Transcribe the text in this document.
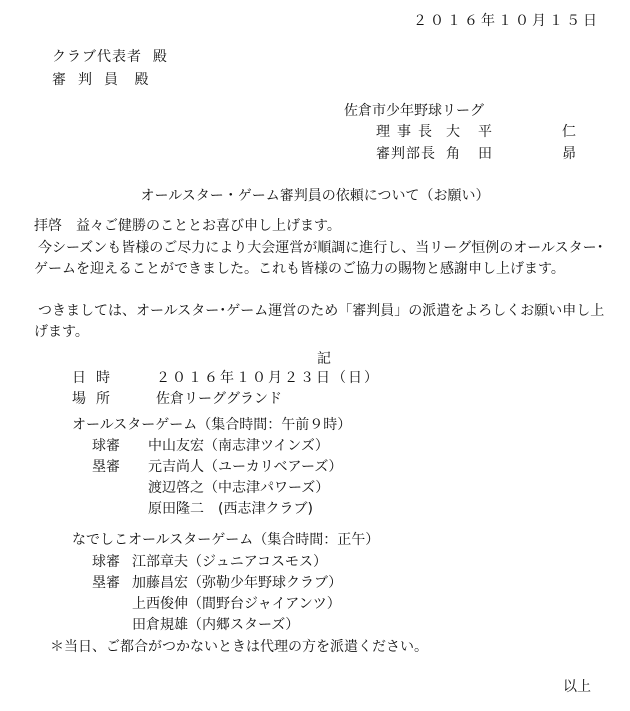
２０１６年１０月１５日
クラブ代表者 殿
審判員 殿
佐倉市少年野球リーグ
理事長 大平	仁
審判部長 角田	昴
オールスター・ゲーム審判員の依頼について（お願い）
拝啓　益々ご健勝のこととお喜び申し上げます。
今シーズンも皆様のご尽力により大会運営が順調に進行し、当リーグ恒例のオールスター･ゲームを迎えることができました。これも皆様のご協力の賜物と感謝申し上げます。
つきましては、オールスター･ゲーム運営のため「審判員」の派遣をよろしくお願い申し上げます。
記
日時	２０１６年１０月２３日（日）
場所	佐倉リーググランド
オールスターゲーム（集合時間：午前９時）
球審 中山友宏（南志津ツインズ）
塁審 元吉尚人（ユーカリベアーズ）
渡辺啓之（中志津パワーズ）
原田隆二　(西志津クラブ)
なでしこオールスターゲーム（集合時間：正午）
球審 江部章夫（ジュニアコスモス）
塁審 加藤昌宏（弥勒少年野球クラブ）
上西俊伸（間野台ジャイアンツ）
田倉規雄（内郷スターズ）
＊当日、ご都合がつかないときは代理の方を派遣ください。
以上
